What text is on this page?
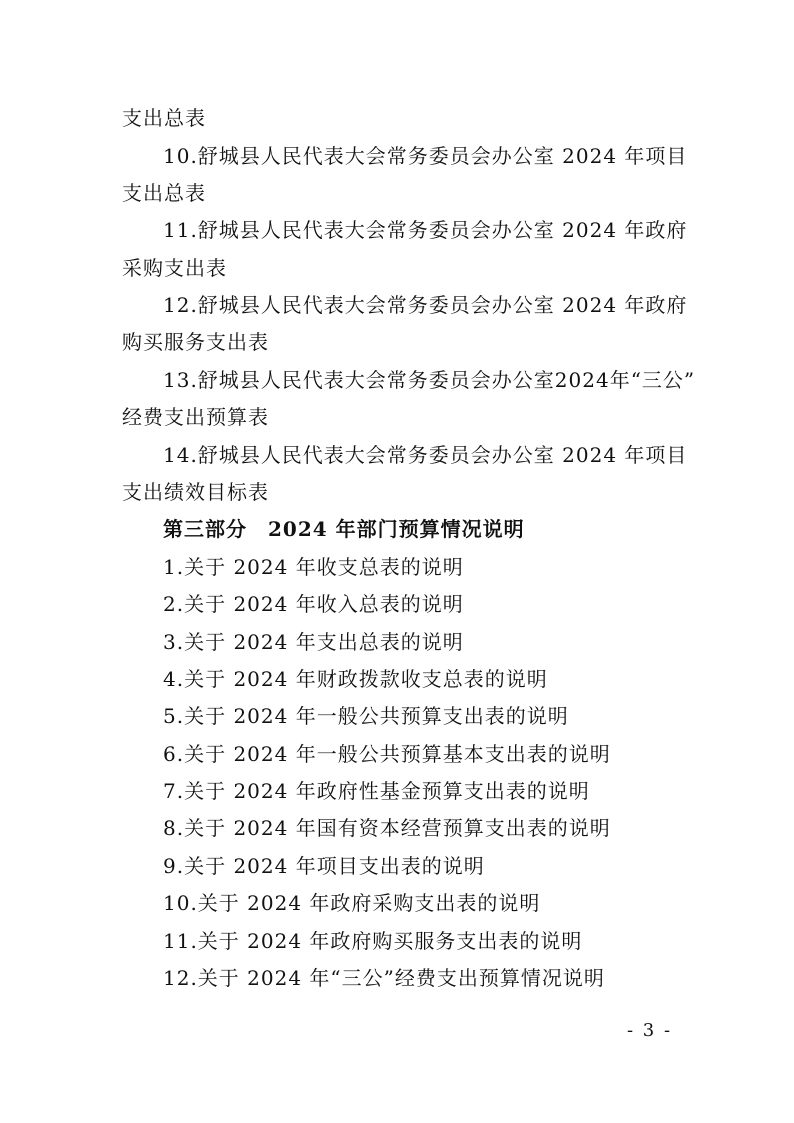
支出总表
10.舒城县人民代表大会常务委员会办公室 2024 年项目
支出总表
11.舒城县人民代表大会常务委员会办公室 2024 年政府
采购支出表
12.舒城县人民代表大会常务委员会办公室 2024 年政府
购买服务支出表
13.舒城县人民代表大会常务委员会办公室2024年“三公”
经费支出预算表
14.舒城县人民代表大会常务委员会办公室 2024 年项目
支出绩效目标表
第三部分　2024 年部门预算情况说明
1.关于 2024 年收支总表的说明
2.关于 2024 年收入总表的说明
3.关于 2024 年支出总表的说明
4.关于 2024 年财政拨款收支总表的说明
5.关于 2024 年一般公共预算支出表的说明
6.关于 2024 年一般公共预算基本支出表的说明
7.关于 2024 年政府性基金预算支出表的说明
8.关于 2024 年国有资本经营预算支出表的说明
9.关于 2024 年项目支出表的说明
10.关于 2024 年政府采购支出表的说明
11.关于 2024 年政府购买服务支出表的说明
12.关于 2024 年“三公”经费支出预算情况说明
- 3 -
